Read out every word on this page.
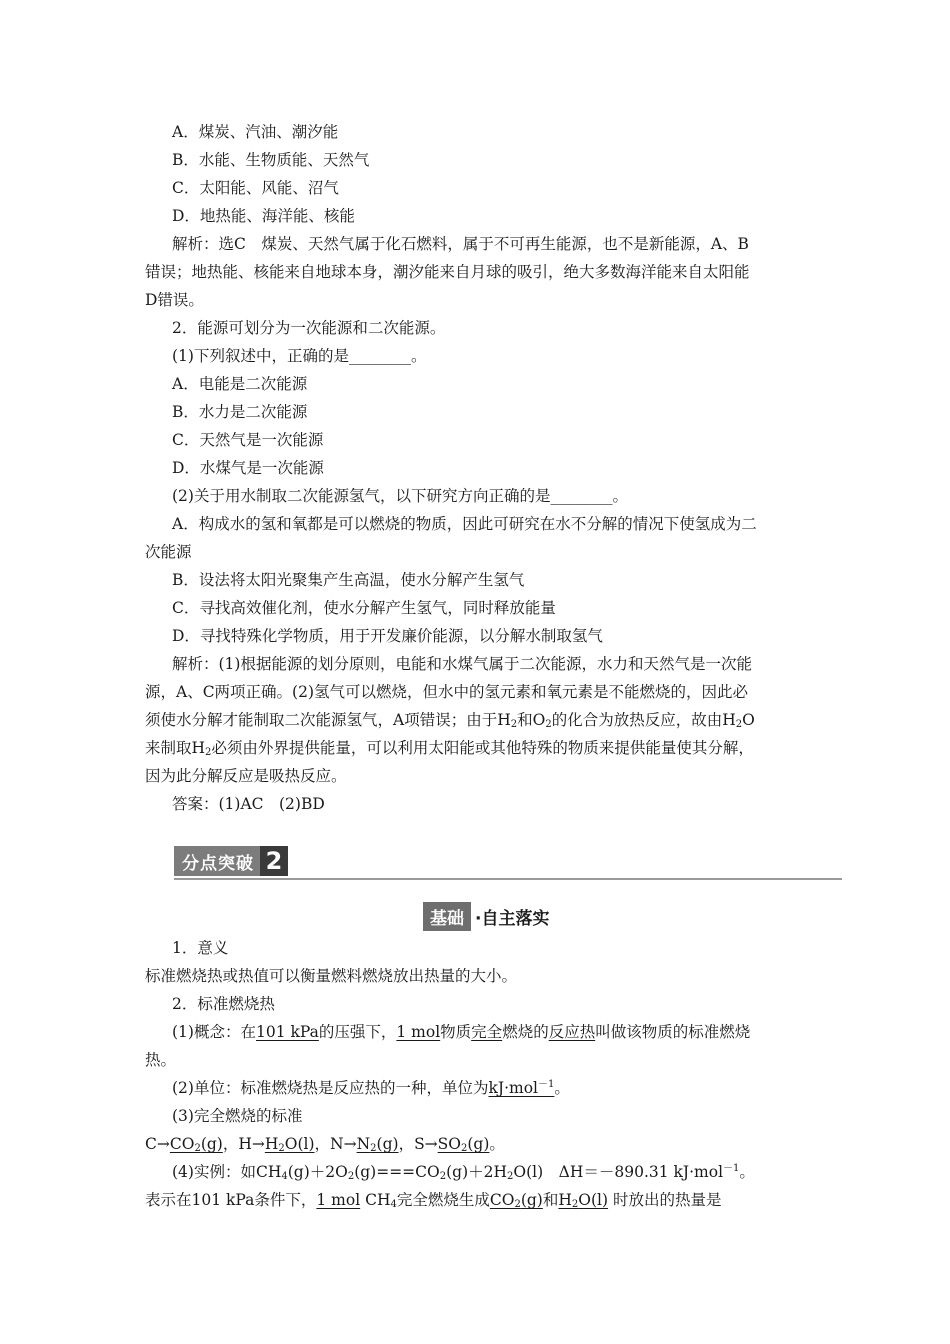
A．煤炭、汽油、潮汐能
B．水能、生物质能、天然气
C．太阳能、风能、沼气
D．地热能、海洋能、核能
解析：选C　煤炭、天然气属于化石燃料，属于不可再生能源，也不是新能源，A、B
错误；地热能、核能来自地球本身，潮汐能来自月球的吸引，绝大多数海洋能来自太阳能
D错误。
2．能源可划分为一次能源和二次能源。
(1)下列叙述中，正确的是________。
A．电能是二次能源
B．水力是二次能源
C．天然气是一次能源
D．水煤气是一次能源
(2)关于用水制取二次能源氢气，以下研究方向正确的是________。
A．构成水的氢和氧都是可以燃烧的物质，因此可研究在水不分解的情况下使氢成为二
次能源
B．设法将太阳光聚集产生高温，使水分解产生氢气
C．寻找高效催化剂，使水分解产生氢气，同时释放能量
D．寻找特殊化学物质，用于开发廉价能源，以分解水制取氢气
解析：(1)根据能源的划分原则，电能和水煤气属于二次能源，水力和天然气是一次能
源，A、C两项正确。(2)氢气可以燃烧，但水中的氢元素和氧元素是不能燃烧的，因此必
须使水分解才能制取二次能源氢气，A项错误；由于$H_2$和$O_2$的化合为放热反应，故由$H_2O$
来制取$H_2$必须由外界提供能量，可以利用太阳能或其他特殊的物质来提供能量使其分解，
因为此分解反应是吸热反应。
答案：(1)AC　(2)BD
分点突破 2
基础 ·自主落实
1．意义
标准燃烧热或热值可以衡量燃料燃烧放出热量的大小。
2．标准燃烧热
(1)概念：在101 kPa的压强下，1 mol物质完全燃烧的反应热叫做该物质的标准燃烧
热。
(2)单位：标准燃烧热是反应热的一种，单位为kJ·mol$^{-1}$。
(3)完全燃烧的标准
$C\to CO_2(g)$，$H\to H_2O(l)$，$N\to N_2(g)$，$S\to SO_2(g)$。
(4)实例：如$CH_4(g)+2O_2(g)===CO_2(g)+2H_2O(l)$　ΔH＝－890.31 kJ·mol$^{-1}$。
表示在101 kPa条件下，1 mol $CH_4$完全燃烧生成$CO_2(g)$和$H_2O(l)$ 时放出的热量是
